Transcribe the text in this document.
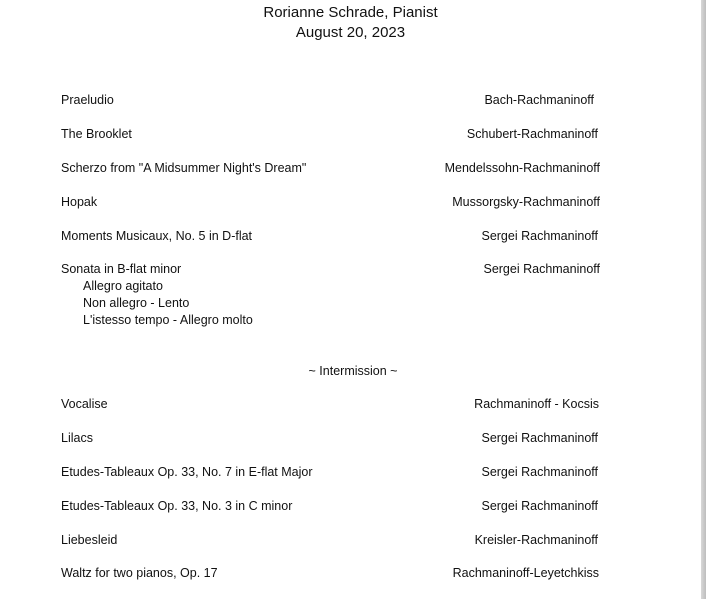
Rorianne Schrade, Pianist
August 20, 2023
Praeludio	Bach-Rachmaninoff
The Brooklet	Schubert-Rachmaninoff
Scherzo from "A Midsummer Night's Dream"	Mendelssohn-Rachmaninoff
Hopak	Mussorgsky-Rachmaninoff
Moments Musicaux, No. 5 in D-flat	Sergei Rachmaninoff
Sonata in B-flat minor	Sergei Rachmaninoff
Allegro agitato
Non allegro - Lento
L'istesso tempo - Allegro molto
~ Intermission ~
Vocalise	Rachmaninoff - Kocsis
Lilacs	Sergei Rachmaninoff
Etudes-Tableaux Op. 33, No. 7 in E-flat Major	Sergei Rachmaninoff
Etudes-Tableaux Op. 33, No. 3 in C minor	Sergei Rachmaninoff
Liebesleid	Kreisler-Rachmaninoff
Waltz for two pianos, Op. 17	Rachmaninoff-Leyetchkiss
